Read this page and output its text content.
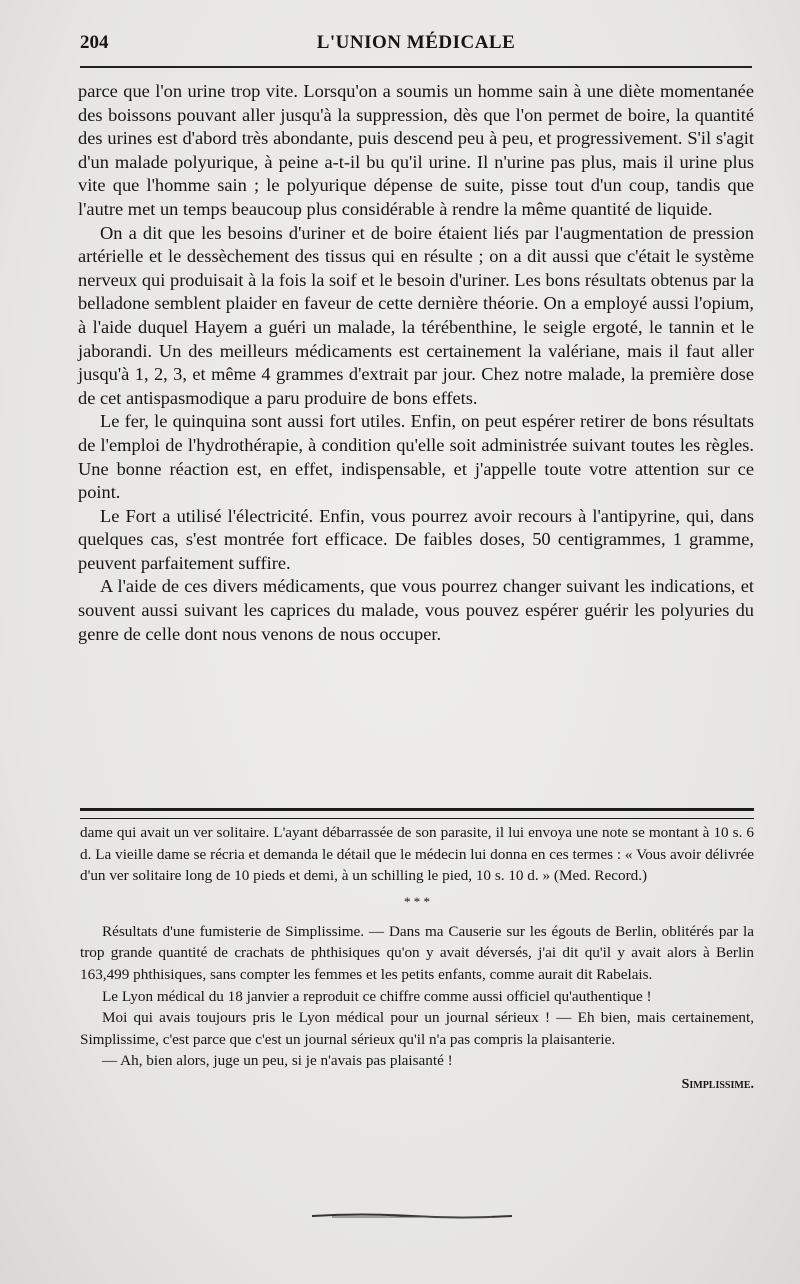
204	L'UNION MÉDICALE

parce que l'on urine trop vite. Lorsqu'on a soumis un homme sain à une diète momentanée des boissons pouvant aller jusqu'à la suppression, dès que l'on permet de boire, la quantité des urines est d'abord très abondante, puis descend peu à peu, et progressivement. S'il s'agit d'un malade polyurique, à peine a-t-il bu qu'il urine. Il n'urine pas plus, mais il urine plus vite que l'homme sain ; le polyurique dépense de suite, pisse tout d'un coup, tandis que l'autre met un temps beaucoup plus considérable à rendre la même quantité de liquide.

On a dit que les besoins d'uriner et de boire étaient liés par l'augmentation de pression artérielle et le dessèchement des tissus qui en résulte ; on a dit aussi que c'était le système nerveux qui produisait à la fois la soif et le besoin d'uriner. Les bons résultats obtenus par la belladone semblent plaider en faveur de cette dernière théorie. On a employé aussi l'opium, à l'aide duquel Hayem a guéri un malade, la térébenthine, le seigle ergoté, le tannin et le jaborandi. Un des meilleurs médicaments est certainement la valériane, mais il faut aller jusqu'à 1, 2, 3, et même 4 grammes d'extrait par jour. Chez notre malade, la première dose de cet antispasmodique a paru produire de bons effets.

Le fer, le quinquina sont aussi fort utiles. Enfin, on peut espérer retirer de bons résultats de l'emploi de l'hydrothérapie, à condition qu'elle soit administrée suivant toutes les règles. Une bonne réaction est, en effet, indispensable, et j'appelle toute votre attention sur ce point.

Le Fort a utilisé l'électricité. Enfin, vous pourrez avoir recours à l'antipyrine, qui, dans quelques cas, s'est montrée fort efficace. De faibles doses, 50 centigrammes, 1 gramme, peuvent parfaitement suffire.

A l'aide de ces divers médicaments, que vous pourrez changer suivant les indications, et souvent aussi suivant les caprices du malade, vous pouvez espérer guérir les polyuries du genre de celle dont nous venons de nous occuper.

dame qui avait un ver solitaire. L'ayant débarrassée de son parasite, il lui envoya une note se montant à 10 s. 6 d. La vieille dame se récria et demanda le détail que le médecin lui donna en ces termes : « Vous avoir délivrée d'un ver solitaire long de 10 pieds et demi, à un schilling le pied, 10 s. 10 d. » (Med. Record.)

* * *

Résultats d'une fumisterie de Simplissime. — Dans ma Causerie sur les égouts de Berlin, oblitérés par la trop grande quantité de crachats de phthisiques qu'on y avait déversés, j'ai dit qu'il y avait alors à Berlin 163,499 phthisiques, sans compter les femmes et les petits enfants, comme aurait dit Rabelais.

Le Lyon médical du 18 janvier a reproduit ce chiffre comme aussi officiel qu'authentique !

Moi qui avais toujours pris le Lyon médical pour un journal sérieux ! — Eh bien, mais certainement, Simplissime, c'est parce que c'est un journal sérieux qu'il n'a pas compris la plaisanterie.

— Ah, bien alors, juge un peu, si je n'avais pas plaisanté !

Simplissime.
